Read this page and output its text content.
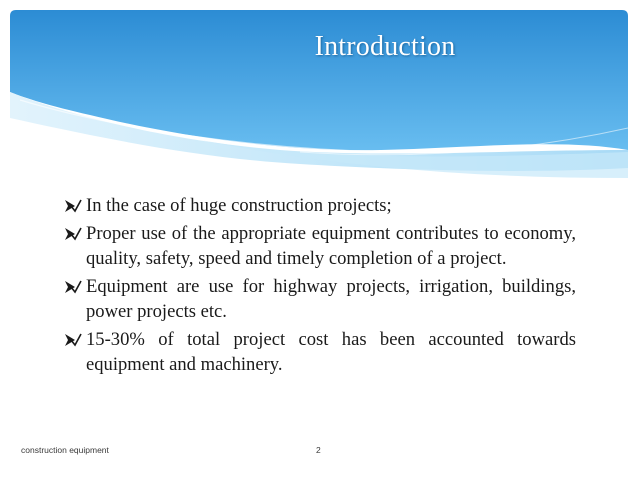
Introduction
In the case of huge construction projects;
Proper use of the appropriate equipment contributes to economy, quality, safety, speed and timely completion of a project.
Equipment are use for highway projects, irrigation, buildings, power projects etc.
15-30% of total project cost has been accounted towards equipment and machinery.
construction equipment	2
